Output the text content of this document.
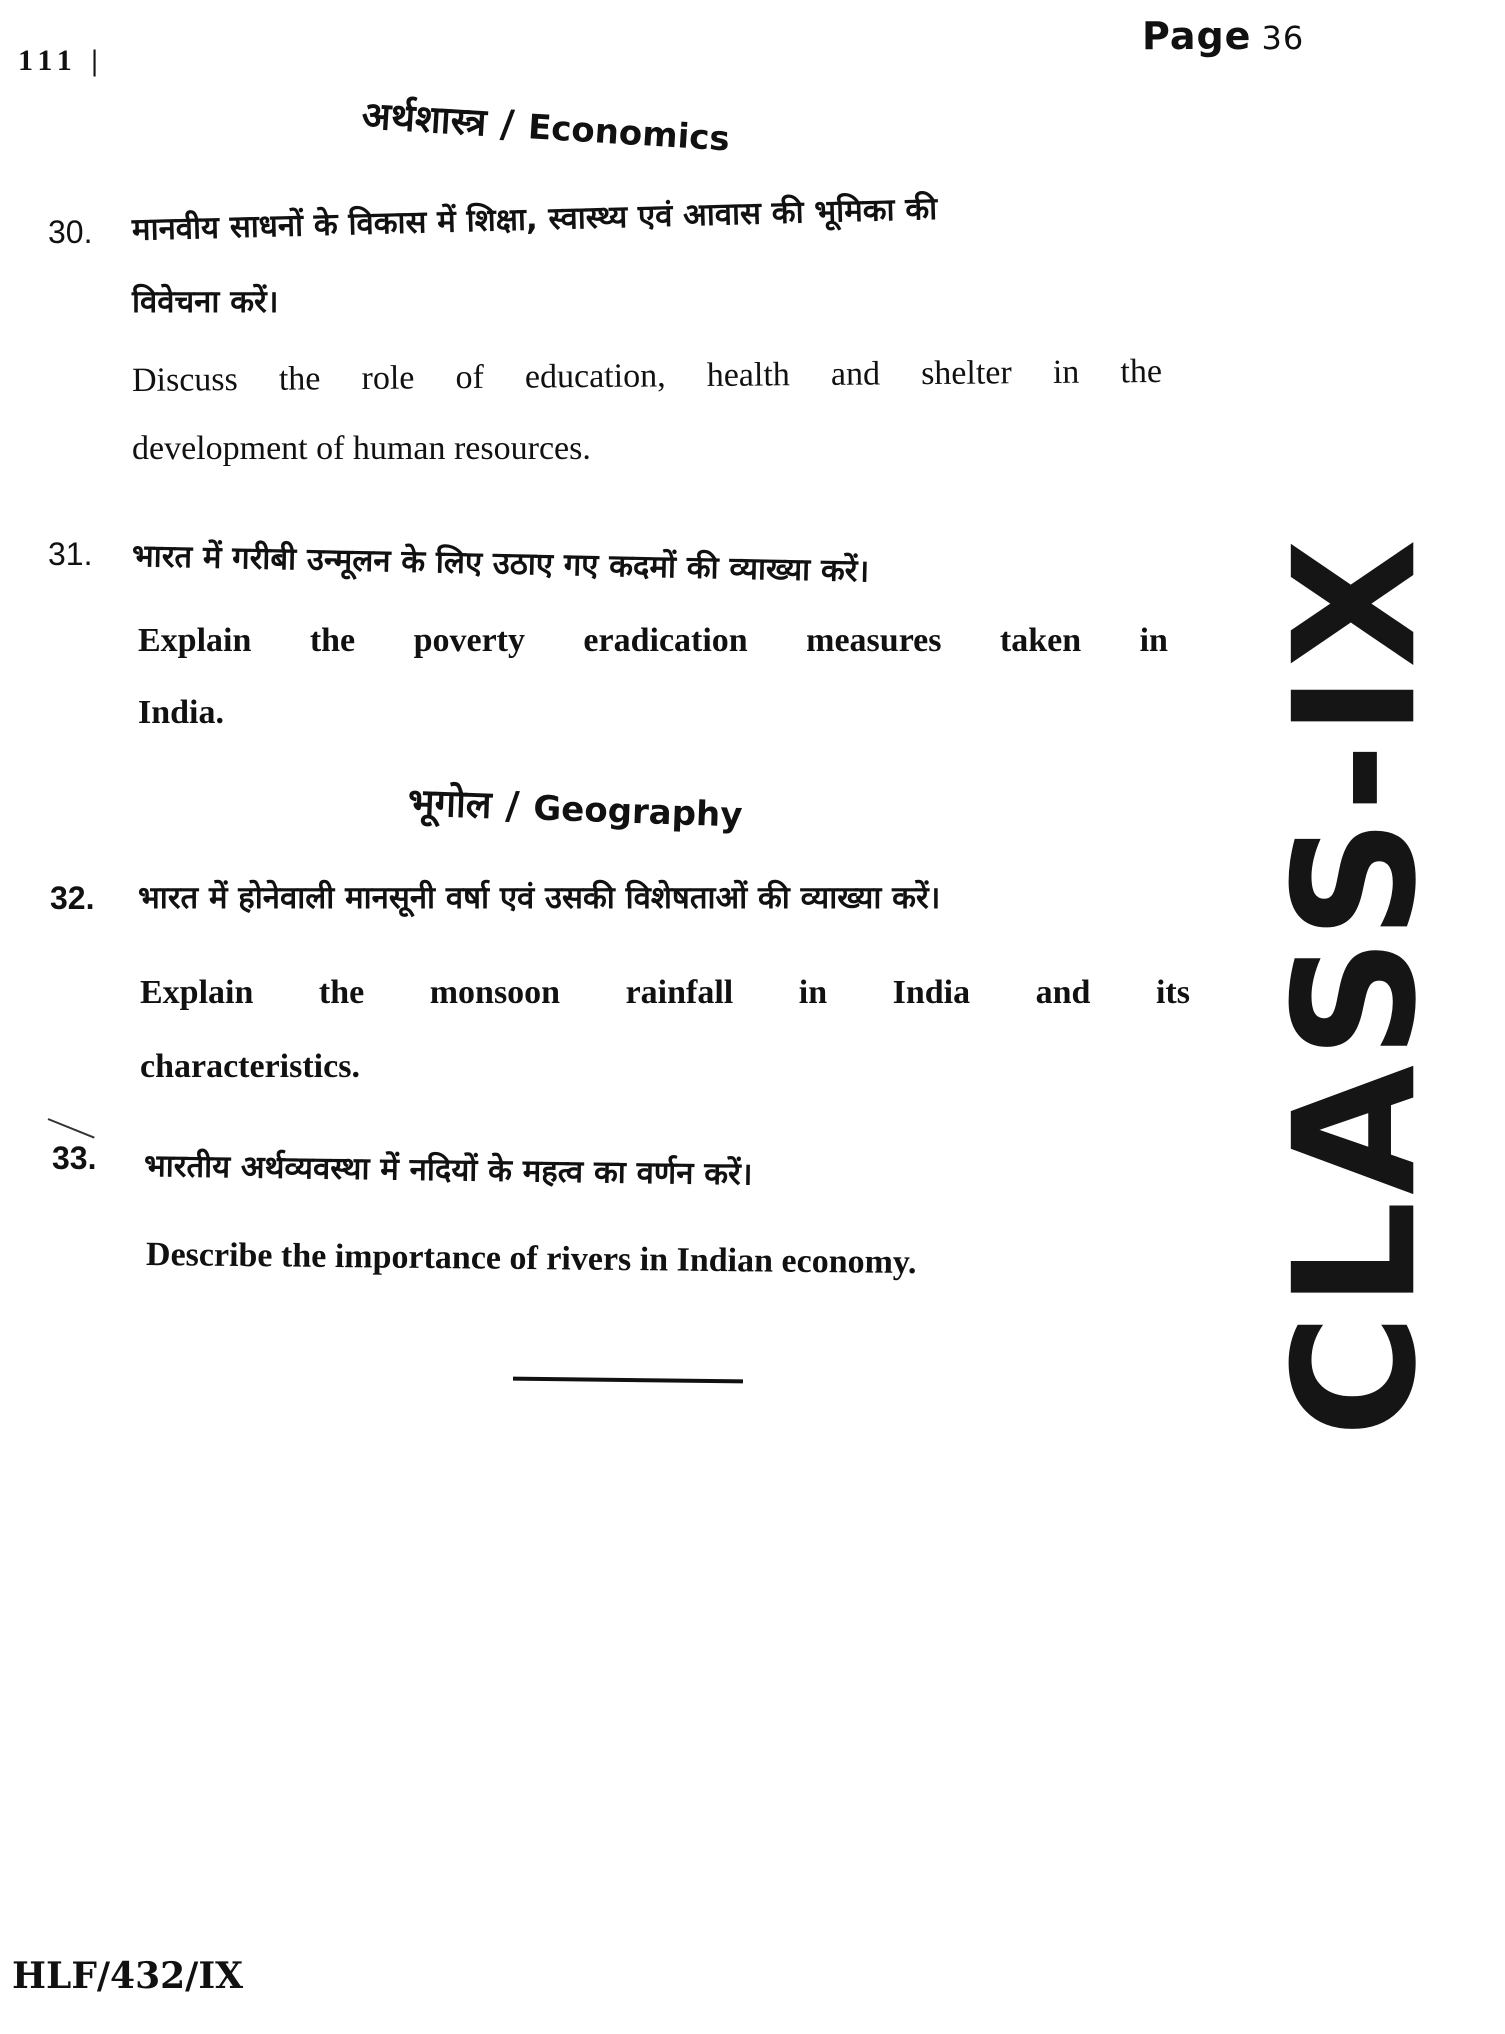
111 |
Page 36
अर्थशास्त्र / Economics
30.	मानवीय साधनों के विकास में शिक्षा, स्वास्थ्य एवं आवास की भूमिका की
विवेचना करें।
Discuss the role of education, health and shelter in the
development of human resources.
31.	भारत में गरीबी उन्मूलन के लिए उठाए गए कदमों की व्याख्या करें।
Explain the poverty eradication measures taken in
India.
भूगोल / Geography
32.	भारत में होनेवाली मानसूनी वर्षा एवं उसकी विशेषताओं की व्याख्या करें।
Explain the monsoon rainfall in India and its
characteristics.
33.	भारतीय अर्थव्यवस्था में नदियों के महत्व का वर्णन करें।
Describe the importance of rivers in Indian economy. CLASS-IX
HLF/432/IX
